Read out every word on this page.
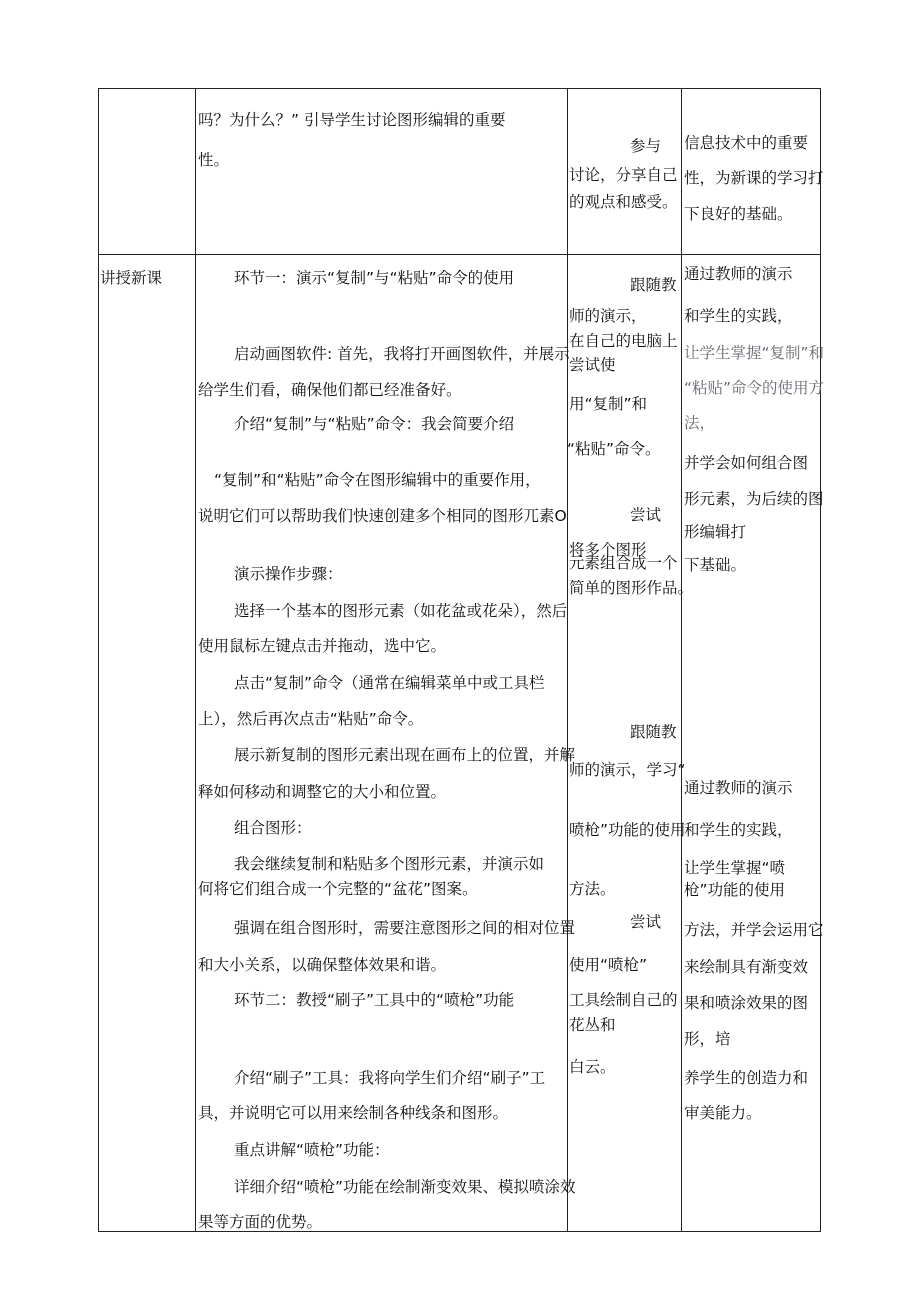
吗？为什么？” 引导学生讨论图形编辑的重要
性。
参与
讨论，分享自己
的观点和感受。
信息技术中的重要
性，为新课的学习打
下良好的基础。
讲授新课	环节一：演示“复制”与“粘贴”命令的使用
启动画图软件: 首先，我将打开画图软件，并展示
给学生们看，确保他们都已经准备好。
介绍“复制”与“粘贴”命令：我会简要介绍
“复制”和“粘贴”命令在图形编辑中的重要作用，
说明它们可以帮助我们快速创建多个相同的图形兀素O
演示操作步骤：
选择一个基本的图形元素（如花盆或花朵），然后
使用鼠标左键点击并拖动，选中它。
点击“复制”命令（通常在编辑菜单中或工具栏
上），然后再次点击“粘贴”命令。
展示新复制的图形元素出现在画布上的位置，并解
释如何移动和调整它的大小和位置。
组合图形：
我会继续复制和粘贴多个图形元素，并演示如
何将它们组合成一个完整的“盆花”图案。
强调在组合图形时，需要注意图形之间的相对位置
和大小关系，以确保整体效果和谐。
环节二：教授“刷子”工具中的“喷枪”功能
介绍“刷子”工具：我将向学生们介绍“刷子”工
具，并说明它可以用来绘制各种线条和图形。
重点讲解“喷枪”功能：
详细介绍“喷枪”功能在绘制渐变效果、模拟喷涂效
果等方面的优势。
跟随教
师的演示，
在自己的电脑上
尝试使
用“复制”和
“粘贴”命令。
尝试
将多个图形
元素组合成一个
简单的图形作品。
跟随教
师的演示，学习“
喷枪”功能的使用
方法。
尝试
使用“喷枪”
工具绘制自己的
花丛和
白云。
通过教师的演示
和学生的实践，
让学生掌握“复制”和
“粘贴”命令的使用方
法，
并学会如何组合图
形元素，为后续的图
形编辑打
下基础。
通过教师的演示
和学生的实践，
让学生掌握“喷
枪”功能的使用
方法，并学会运用它
来绘制具有渐变效
果和喷涂效果的图
形，培
养学生的创造力和
审美能力。
